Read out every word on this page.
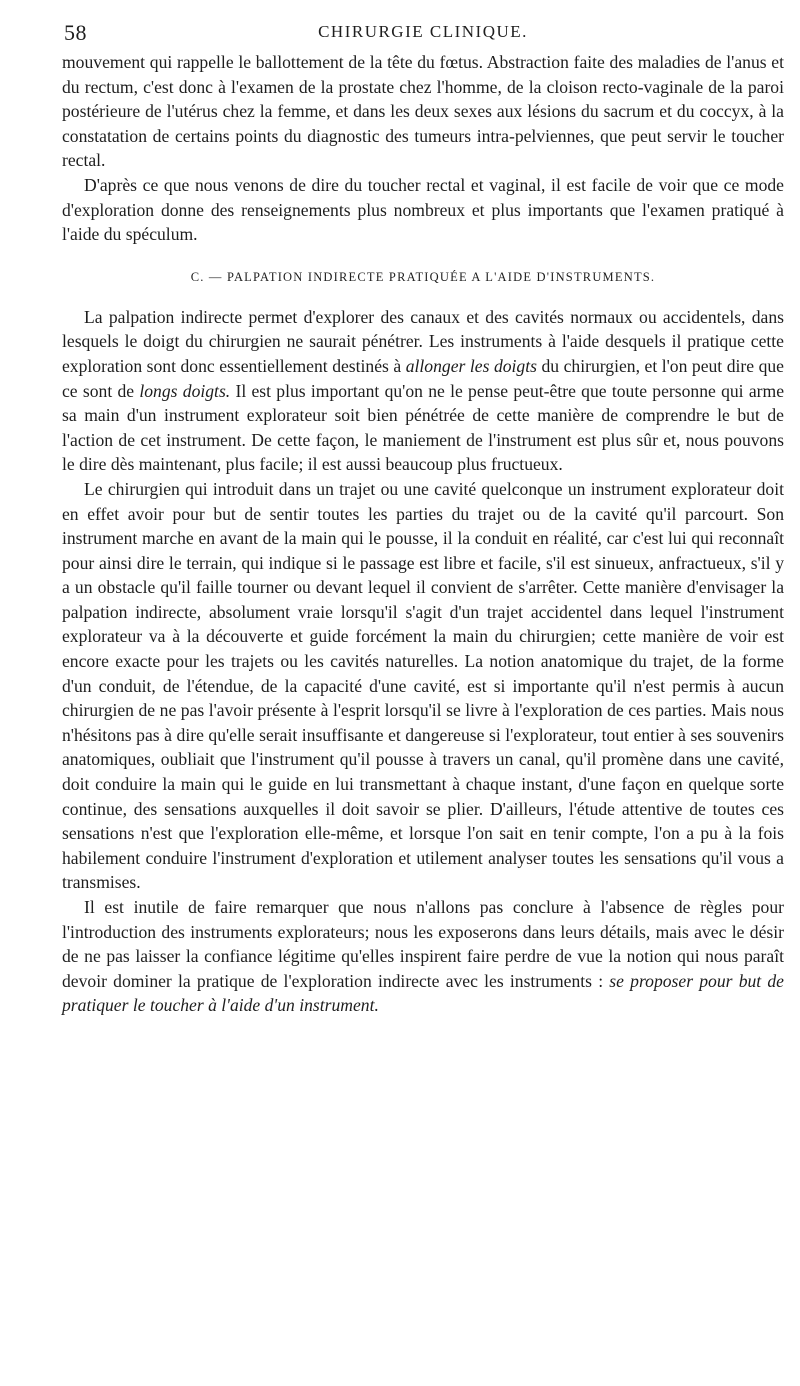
58	CHIRURGIE CLINIQUE.

mouvement qui rappelle le ballottement de la tête du fœtus. Abstraction faite des maladies de l'anus et du rectum, c'est donc à l'examen de la prostate chez l'homme, de la cloison recto-vaginale de la paroi postérieure de l'utérus chez la femme, et dans les deux sexes aux lésions du sacrum et du coccyx, à la constatation de certains points du diagnostic des tumeurs intra-pelviennes, que peut servir le toucher rectal.

D'après ce que nous venons de dire du toucher rectal et vaginal, il est facile de voir que ce mode d'exploration donne des renseignements plus nombreux et plus importants que l'examen pratiqué à l'aide du spéculum.

C. — PALPATION INDIRECTE PRATIQUÉE A L'AIDE D'INSTRUMENTS.

La palpation indirecte permet d'explorer des canaux et des cavités normaux ou accidentels, dans lesquels le doigt du chirurgien ne saurait pénétrer. Les instruments à l'aide desquels il pratique cette exploration sont donc essentiellement destinés à allonger les doigts du chirurgien, et l'on peut dire que ce sont de longs doigts. Il est plus important qu'on ne le pense peut-être que toute personne qui arme sa main d'un instrument explorateur soit bien pénétrée de cette manière de comprendre le but de l'action de cet instrument. De cette façon, le maniement de l'instrument est plus sûr et, nous pouvons le dire dès maintenant, plus facile; il est aussi beaucoup plus fructueux.

Le chirurgien qui introduit dans un trajet ou une cavité quelconque un instrument explorateur doit en effet avoir pour but de sentir toutes les parties du trajet ou de la cavité qu'il parcourt. Son instrument marche en avant de la main qui le pousse, il la conduit en réalité, car c'est lui qui reconnaît pour ainsi dire le terrain, qui indique si le passage est libre et facile, s'il est sinueux, anfractueux, s'il y a un obstacle qu'il faille tourner ou devant lequel il convient de s'arrêter. Cette manière d'envisager la palpation indirecte, absolument vraie lorsqu'il s'agit d'un trajet accidentel dans lequel l'instrument explorateur va à la découverte et guide forcément la main du chirurgien; cette manière de voir est encore exacte pour les trajets ou les cavités naturelles. La notion anatomique du trajet, de la forme d'un conduit, de l'étendue, de la capacité d'une cavité, est si importante qu'il n'est permis à aucun chirurgien de ne pas l'avoir présente à l'esprit lorsqu'il se livre à l'exploration de ces parties. Mais nous n'hésitons pas à dire qu'elle serait insuffisante et dangereuse si l'explorateur, tout entier à ses souvenirs anatomiques, oubliait que l'instrument qu'il pousse à travers un canal, qu'il promène dans une cavité, doit conduire la main qui le guide en lui transmettant à chaque instant, d'une façon en quelque sorte continue, des sensations auxquelles il doit savoir se plier. D'ailleurs, l'étude attentive de toutes ces sensations n'est que l'exploration elle-même, et lorsque l'on sait en tenir compte, l'on a pu à la fois habilement conduire l'instrument d'exploration et utilement analyser toutes les sensations qu'il vous a transmises.

Il est inutile de faire remarquer que nous n'allons pas conclure à l'absence de règles pour l'introduction des instruments explorateurs; nous les exposerons dans leurs détails, mais avec le désir de ne pas laisser la confiance légitime qu'elles inspirent faire perdre de vue la notion qui nous paraît devoir dominer la pratique de l'exploration indirecte avec les instruments : se proposer pour but de pratiquer le toucher à l'aide d'un instrument.
